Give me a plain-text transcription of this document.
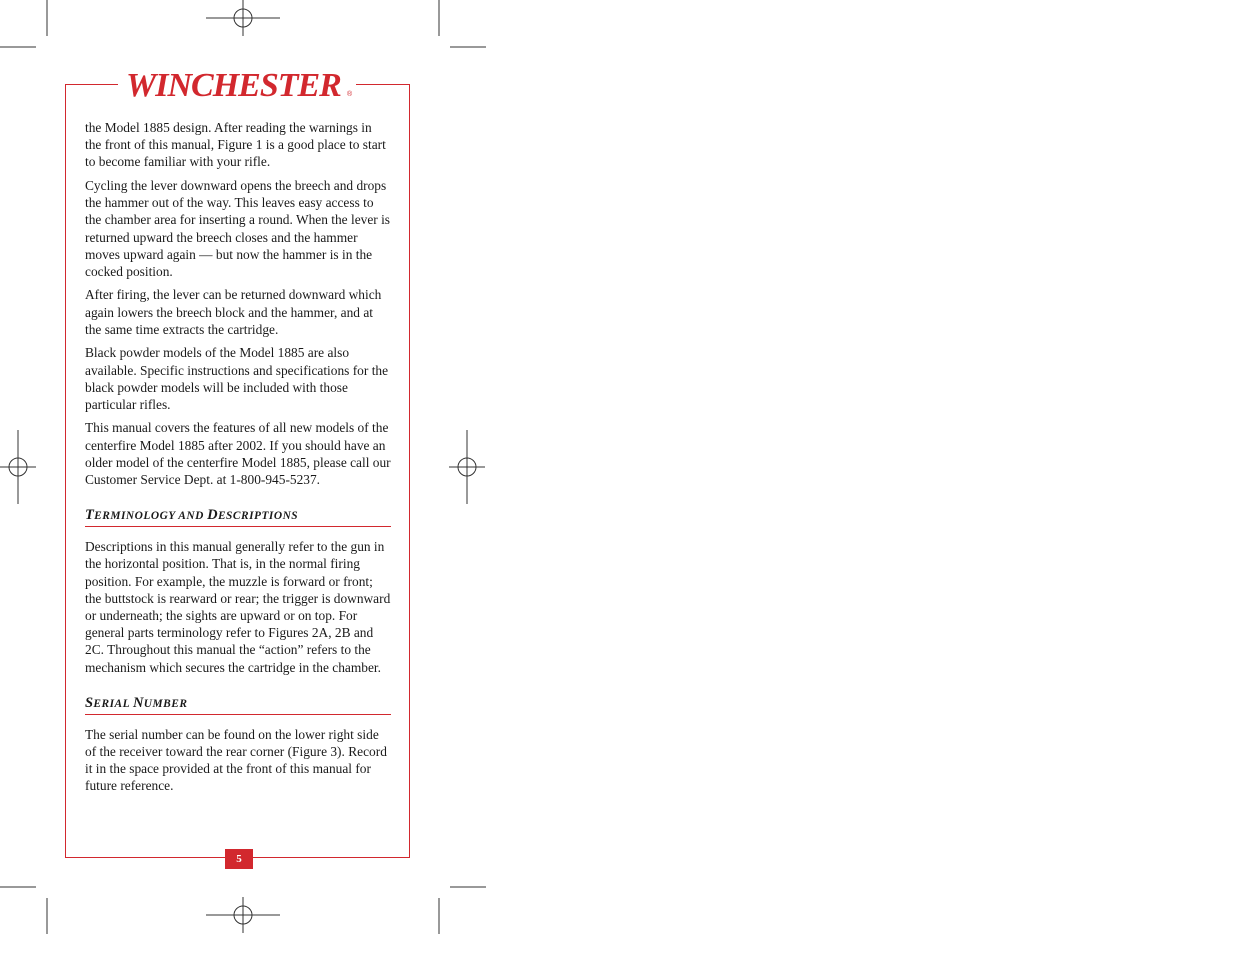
WINCHESTER ®

the Model 1885 design. After reading the warnings in the front of this manual, Figure 1 is a good place to start to become familiar with your rifle.

Cycling the lever downward opens the breech and drops the hammer out of the way. This leaves easy access to the chamber area for inserting a round. When the lever is returned upward the breech closes and the hammer moves upward again — but now the hammer is in the cocked position.

After firing, the lever can be returned downward which again lowers the breech block and the hammer, and at the same time extracts the cartridge.

Black powder models of the Model 1885 are also available. Specific instructions and specifications for the black powder models will be included with those particular rifles.

This manual covers the features of all new models of the centerfire Model 1885 after 2002. If you should have an older model of the centerfire Model 1885, please call our Customer Service Dept. at 1-800-945-5237.

TERMINOLOGY AND DESCRIPTIONS

Descriptions in this manual generally refer to the gun in the horizontal position. That is, in the normal firing position. For example, the muzzle is forward or front; the buttstock is rearward or rear; the trigger is downward or underneath; the sights are upward or on top. For general parts terminology refer to Figures 2A, 2B and 2C. Throughout this manual the “action” refers to the mechanism which secures the cartridge in the chamber.

SERIAL NUMBER

The serial number can be found on the lower right side of the receiver toward the rear corner (Figure 3). Record it in the space provided at the front of this manual for future reference.

5
